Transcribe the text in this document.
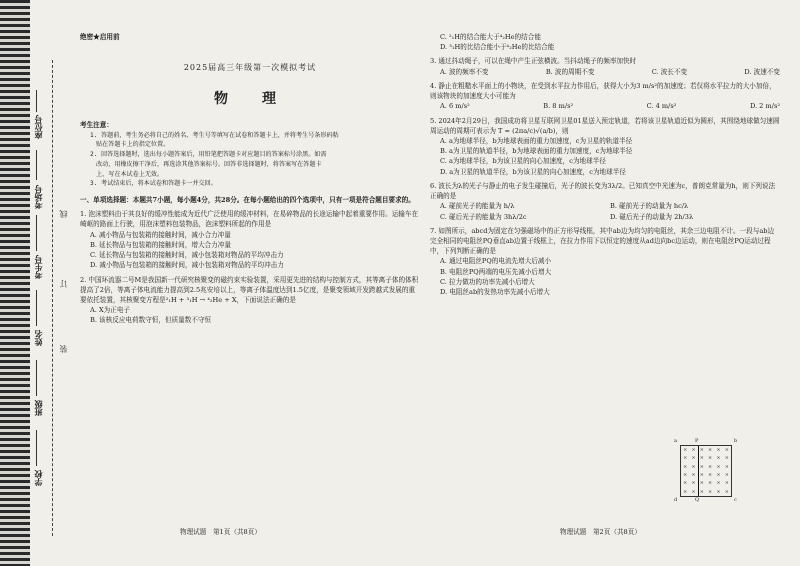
座位号
考场号
考生号
姓名
班级
学校
线
订
装
绝密★启用前
2025届高三年级第一次模拟考试
物　理
考生注意：
1. 答题前，考生务必将自己的姓名、考生号等填写在试卷和答题卡上，并将考生号条形码粘
　贴在答题卡上的指定位置。
2. 回答选择题时，选出每小题答案后，用铅笔把答题卡对应题目的答案标号涂黑。如需
　改动，用橡皮擦干净后，再选涂其他答案标号。回答非选择题时，将答案写在答题卡
　上，写在本试卷上无效。
3. 考试结束后，将本试卷和答题卡一并交回。
一、单项选择题：本题共7小题，每小题4分，共28分。在每小题给出的四个选项中，只有一项是符合题目要求的。
1. 泡沫塑料由于其良好的缓冲性能成为近代广泛使用的缓冲材料，在易碎物品的长途运输中起着重要作用。运输车在崎岖的路面上行驶，用泡沫塑料包装物品，泡沫塑料所起的作用是
A. 减小物品与包装箱的接触时间，减小合力冲量
B. 延长物品与包装箱的接触时间，增大合力冲量
C. 延长物品与包装箱的接触时间，减小包装箱对物品的平均冲击力
D. 减小物品与包装箱的接触时间，减小包装箱对物品的平均冲击力
2. 中国环流器二号M是我国新一代研究核聚变的磁约束实验装置，采用更先进的结构与控制方式，其等离子体的体积提高了2倍，等离子体电流能力提高到2.5兆安培以上，等离子体温度达到1.5亿度，是聚变领域开发跨越式发展的重要依托装置，其核聚变方程是²₁H + ³₁H → ⁴₂He + X，下面说法正确的是
A. X为正电子
B. 该核反应电荷数守恒，但质量数不守恒
物理试题　第1页（共8页）
C. ²₁H的结合能大于⁴₂He的结合能
D. ³₁H的比结合能小于⁴₂He的比结合能
3. 通过抖动绳子，可以在绳中产生正弦横波。当抖动绳子的频率加快时
A. 波的频率不变	B. 波的周期不变	C. 波长不变	D. 波速不变
4. 静止在粗糙水平面上的小物块，在受到水平拉力作用后，获得大小为3 m/s²的加速度；若仅将水平拉力的大小加倍，则该物块的加速度大小可能为
A. 6 m/s²	B. 8 m/s²	C. 4 m/s²	D. 2 m/s²
5. 2024年2月29日，我国成功将卫星互联网卫星01星送入预定轨道，若将该卫星轨道近似为圆形，其围绕地球做匀速圆周运动的周期可表示为 T = (2πa/c)√(a/b)，则
A. a为地球半径，b为地球表面的重力加速度，c为卫星的轨道半径
B. a为卫星的轨道半径，b为地球表面的重力加速度，c为地球半径
C. a为地球半径，b为该卫星的向心加速度，c为地球半径
D. a为卫星的轨道半径，b为该卫星的向心加速度，c为地球半径
6. 波长为λ的光子与静止的电子发生碰撞后，光子的波长变为3λ/2。已知真空中光速为c，普朗克常量为h，则下列说法正确的是
A. 碰前光子的能量为 h/λ	B. 碰前光子的动量为 hc/λ
C. 碰后光子的能量为 3hλ/2c	D. 碰后光子的动量为 2h/3λ
7. 如图所示，abcd为固定在匀强磁场中的正方形导线框，其中ab边为均匀的电阻丝，其余三边电阻不计。一段与ab边完全相同的电阻丝PQ垂直ab边置于线框上，在拉力作用下以恒定的速度从ad边向bc边运动，则在电阻丝PQ运动过程中，下列判断正确的是
A. 通过电阻丝PQ的电流先增大后减小
B. 电阻丝PQ两端的电压先减小后增大
C. 拉力做功的功率先减小后增大
D. 电阻丝ab的发热功率先减小后增大
× × × × × ×
× × × × × ×
× × × × × ×
× × × × × ×
× × × × × ×
× × × × × ×
a	b
c
d
P
Q
物理试题　第2页（共8页）
